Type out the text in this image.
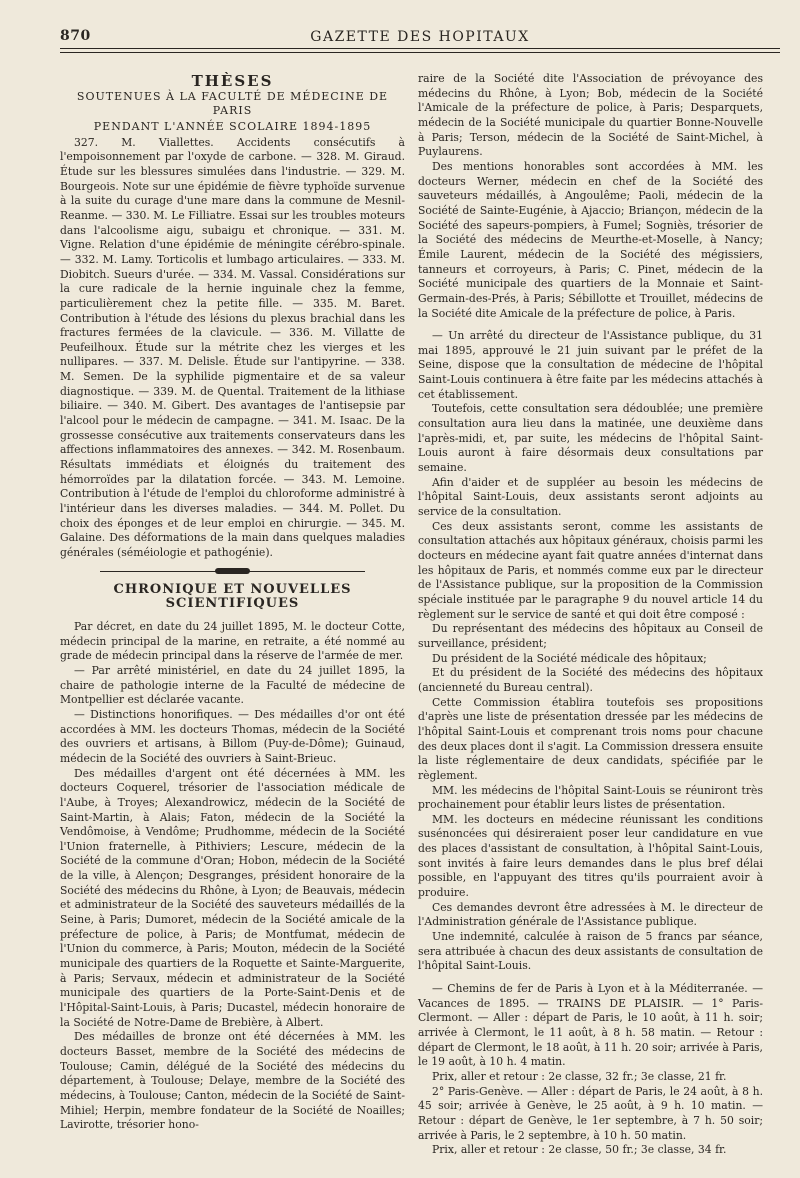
870	GAZETTE DES HOPITAUX
THÈSES
SOUTENUES À LA FACULTÉ DE MÉDECINE DE PARIS
PENDANT L'ANNÉE SCOLAIRE 1894-1895

327. M. Viallettes. Accidents consécutifs à l'empoisonnement par l'oxyde de carbone. — 328. M. Giraud. Étude sur les blessures simulées dans l'industrie. — 329. M. Bourgeois. Note sur une épidémie de fièvre typhoïde survenue à la suite du curage d'une mare dans la commune de Mesnil-Reanme. — 330. M. Le Filliatre. Essai sur les troubles moteurs dans l'alcoolisme aigu, subaigu et chronique. — 331. M. Vigne. Relation d'une épidémie de méningite cérébro-spinale. — 332. M. Lamy. Torticolis et lumbago articulaires. — 333. M. Diobitch. Sueurs d'urée. — 334. M. Vassal. Considérations sur la cure radicale de la hernie inguinale chez la femme, particulièrement chez la petite fille. — 335. M. Baret. Contribution à l'étude des lésions du plexus brachial dans les fractures fermées de la clavicule. — 336. M. Villatte de Peufeilhoux. Étude sur la métrite chez les vierges et les nullipares. — 337. M. Delisle. Étude sur l'antipyrine. — 338. M. Semen. De la syphilide pigmentaire et de sa valeur diagnostique. — 339. M. de Quental. Traitement de la lithiase biliaire. — 340. M. Gibert. Des avantages de l'antisepsie par l'alcool pour le médecin de campagne. — 341. M. Isaac. De la grossesse consécutive aux traitements conservateurs dans les affections inflammatoires des annexes. — 342. M. Rosenbaum. Résultats immédiats et éloignés du traitement des hémorroïdes par la dilatation forcée. — 343. M. Lemoine. Contribution à l'étude de l'emploi du chloroforme administré à l'intérieur dans les diverses maladies. — 344. M. Pollet. Du choix des éponges et de leur emploi en chirurgie. — 345. M. Galaine. Des déformations de la main dans quelques maladies générales (séméiologie et pathogénie).

CHRONIQUE ET NOUVELLES SCIENTIFIQUES

Par décret, en date du 24 juillet 1895, M. le docteur Cotte, médecin principal de la marine, en retraite, a été nommé au grade de médecin principal dans la réserve de l'armée de mer.

— Par arrêté ministériel, en date du 24 juillet 1895, la chaire de pathologie interne de la Faculté de médecine de Montpellier est déclarée vacante.

— Distinctions honorifiques. — Des médailles d'or ont été accordées à MM. les docteurs Thomas, médecin de la Société des ouvriers et artisans, à Billom (Puy-de-Dôme); Guinaud, médecin de la Société des ouvriers à Saint-Brieuc.

Des médailles d'argent ont été décernées à MM. les docteurs Coquerel, trésorier de l'association médicale de l'Aube, à Troyes; Alexandrowicz, médecin de la Société de Saint-Martin, à Alais; Faton, médecin de la Société la Vendômoise, à Vendôme; Prudhomme, médecin de la Société l'Union fraternelle, à Pithiviers; Lescure, médecin de la Société de la commune d'Oran; Hobon, médecin de la Société de la ville, à Alençon; Desgranges, président honoraire de la Société des médecins du Rhône, à Lyon; de Beauvais, médecin et administrateur de la Société des sauveteurs médaillés de la Seine, à Paris; Dumoret, médecin de la Société amicale de la préfecture de police, à Paris; de Montfumat, médecin de l'Union du commerce, à Paris; Mouton, médecin de la Société municipale des quartiers de la Roquette et Sainte-Marguerite, à Paris; Servaux, médecin et administrateur de la Société municipale des quartiers de la Porte-Saint-Denis et de l'Hôpital-Saint-Louis, à Paris; Ducastel, médecin honoraire de la Société de Notre-Dame de Brebière, à Albert.

Des médailles de bronze ont été décernées à MM. les docteurs Basset, membre de la Société des médecins de Toulouse; Camin, délégué de la Société des médecins du département, à Toulouse; Delaye, membre de la Société des médecins, à Toulouse; Canton, médecin de la Société de Saint-Mihiel; Herpin, membre fondateur de la Société de Noailles; Lavirotte, trésorier hono-

raire de la Société dite l'Association de prévoyance des médecins du Rhône, à Lyon; Bob, médecin de la Société l'Amicale de la préfecture de police, à Paris; Desparquets, médecin de la Société municipale du quartier Bonne-Nouvelle à Paris; Terson, médecin de la Société de Saint-Michel, à Puylaurens.

Des mentions honorables sont accordées à MM. les docteurs Werner, médecin en chef de la Société des sauveteurs médaillés, à Angoulême; Paoli, médecin de la Société de Sainte-Eugénie, à Ajaccio; Briançon, médecin de la Société des sapeurs-pompiers, à Fumel; Sogniès, trésorier de la Société des médecins de Meurthe-et-Moselle, à Nancy; Émile Laurent, médecin de la Société des mégissiers, tanneurs et corroyeurs, à Paris; C. Pinet, médecin de la Société municipale des quartiers de la Monnaie et Saint-Germain-des-Prés, à Paris; Sébillotte et Trouillet, médecins de la Société dite Amicale de la préfecture de police, à Paris.

— Un arrêté du directeur de l'Assistance publique, du 31 mai 1895, approuvé le 21 juin suivant par le préfet de la Seine, dispose que la consultation de médecine de l'hôpital Saint-Louis continuera à être faite par les médecins attachés à cet établissement.

Toutefois, cette consultation sera dédoublée; une première consultation aura lieu dans la matinée, une deuxième dans l'après-midi, et, par suite, les médecins de l'hôpital Saint-Louis auront à faire désormais deux consultations par semaine.

Afin d'aider et de suppléer au besoin les médecins de l'hôpital Saint-Louis, deux assistants seront adjoints au service de la consultation.

Ces deux assistants seront, comme les assistants de consultation attachés aux hôpitaux généraux, choisis parmi les docteurs en médecine ayant fait quatre années d'internat dans les hôpitaux de Paris, et nommés comme eux par le directeur de l'Assistance publique, sur la proposition de la Commission spéciale instituée par le paragraphe 9 du nouvel article 14 du règlement sur le service de santé et qui doit être composé :

Du représentant des médecins des hôpitaux au Conseil de surveillance, président;

Du président de la Société médicale des hôpitaux;

Et du président de la Société des médecins des hôpitaux (ancienneté du Bureau central).

Cette Commission établira toutefois ses propositions d'après une liste de présentation dressée par les médecins de l'hôpital Saint-Louis et comprenant trois noms pour chacune des deux places dont il s'agit. La Commission dressera ensuite la liste réglementaire de deux candidats, spécifiée par le règlement.

MM. les médecins de l'hôpital Saint-Louis se réuniront très prochainement pour établir leurs listes de présentation.

MM. les docteurs en médecine réunissant les conditions susénoncées qui désireraient poser leur candidature en vue des places d'assistant de consultation, à l'hôpital Saint-Louis, sont invités à faire leurs demandes dans le plus bref délai possible, en l'appuyant des titres qu'ils pourraient avoir à produire.

Ces demandes devront être adressées à M. le directeur de l'Administration générale de l'Assistance publique.

Une indemnité, calculée à raison de 5 francs par séance, sera attribuée à chacun des deux assistants de consultation de l'hôpital Saint-Louis.

— Chemins de fer de Paris à Lyon et à la Méditerranée. — Vacances de 1895. — TRAINS DE PLAISIR. — 1° Paris-Clermont. — Aller : départ de Paris, le 10 août, à 11 h. soir; arrivée à Clermont, le 11 août, à 8 h. 58 matin. — Retour : départ de Clermont, le 18 août, à 11 h. 20 soir; arrivée à Paris, le 19 août, à 10 h. 4 matin.

Prix, aller et retour : 2e classe, 32 fr.; 3e classe, 21 fr.

2° Paris-Genève. — Aller : départ de Paris, le 24 août, à 8 h. 45 soir; arrivée à Genève, le 25 août, à 9 h. 10 matin. — Retour : départ de Genève, le 1er septembre, à 7 h. 50 soir; arrivée à Paris, le 2 septembre, à 10 h. 50 matin.

Prix, aller et retour : 2e classe, 50 fr.; 3e classe, 34 fr.
